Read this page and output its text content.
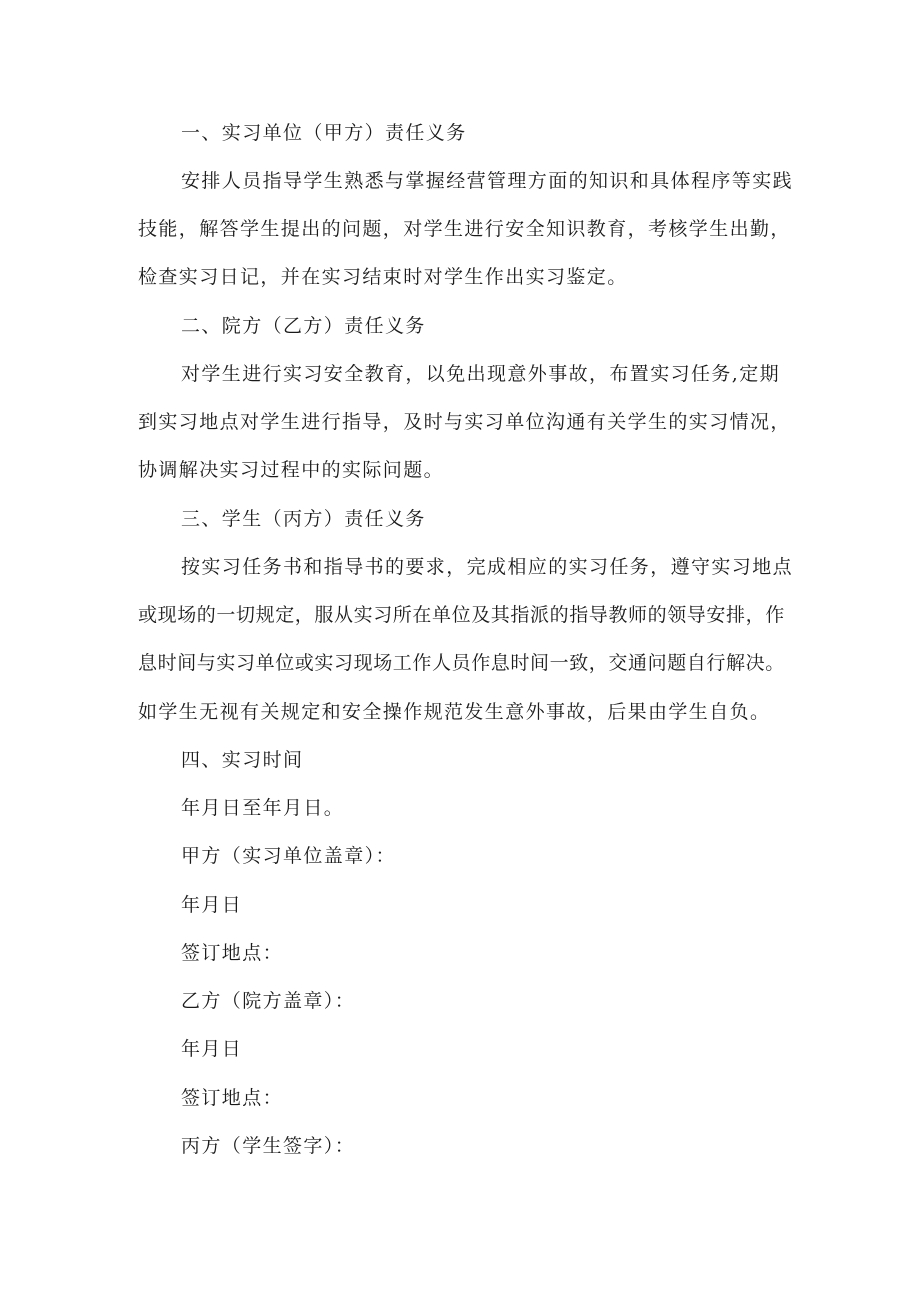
一、实习单位（甲方）责任义务
安排人员指导学生熟悉与掌握经营管理方面的知识和具体程序等实践
技能，解答学生提出的问题，对学生进行安全知识教育，考核学生出勤，
检查实习日记，并在实习结束时对学生作出实习鉴定。
二、院方（乙方）责任义务
对学生进行实习安全教育，以免出现意外事故，布置实习任务,定期
到实习地点对学生进行指导，及时与实习单位沟通有关学生的实习情况，
协调解决实习过程中的实际问题。
三、学生（丙方）责任义务
按实习任务书和指导书的要求，完成相应的实习任务，遵守实习地点
或现场的一切规定，服从实习所在单位及其指派的指导教师的领导安排，作
息时间与实习单位或实习现场工作人员作息时间一致，交通问题自行解决。
如学生无视有关规定和安全操作规范发生意外事故，后果由学生自负。
四、实习时间
年月日至年月日。
甲方（实习单位盖章）：
年月日
签订地点：
乙方（院方盖章）：
年月日
签订地点：
丙方（学生签字）：
